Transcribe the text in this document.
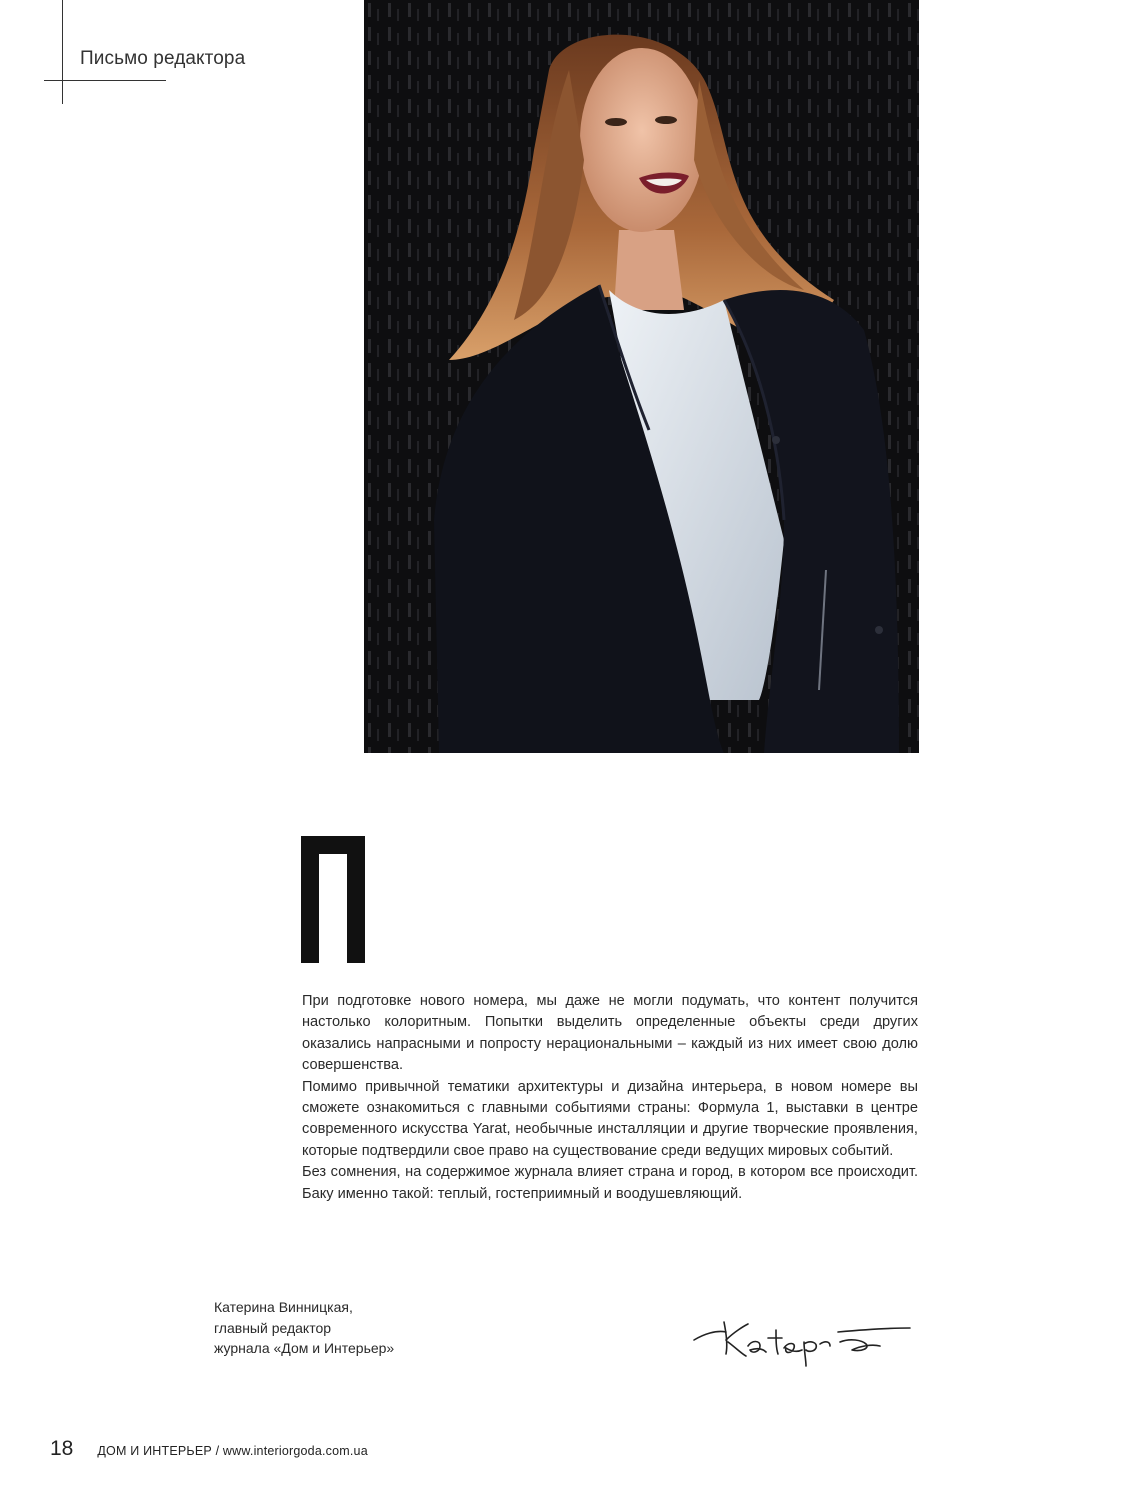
Письмо редактора

При подготовке нового номера, мы даже не могли подумать, что контент получится настолько колоритным. Попытки выделить определенные объекты среди других оказались напрасными и попросту нерациональными – каждый из них имеет свою долю совершенства.

Помимо привычной тематики архитектуры и дизайна интерьера, в новом номере вы сможете ознакомиться с главными событиями страны: Формула 1, выставки в центре современного искусства Yarat, необычные инсталляции и другие творческие проявления, которые подтвердили свое право на существование среди ведущих мировых событий.

Без сомнения, на содержимое журнала влияет страна и город, в котором все происходит. Баку именно такой: теплый, гостеприимный и воодушевляющий.

Катерина Винницкая,
главный редактор
журнала «Дом и Интерьер»
18 ДОМ И ИНТЕРЬЕР / www.interiorgoda.com.ua
